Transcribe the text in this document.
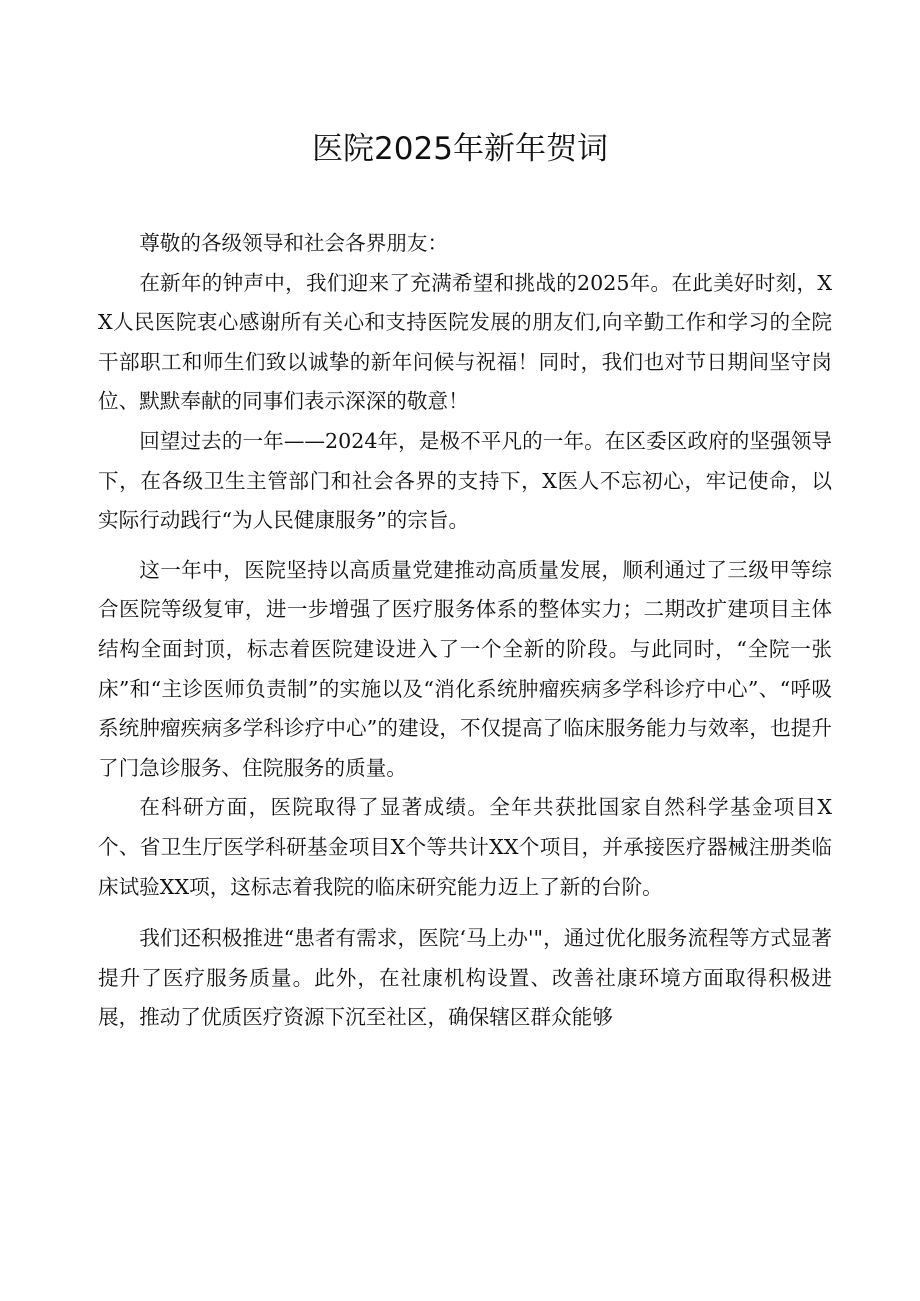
医院2025年新年贺词

尊敬的各级领导和社会各界朋友：

在新年的钟声中，我们迎来了充满希望和挑战的2025年。在此美好时刻，XX人民医院衷心感谢所有关心和支持医院发展的朋友们,向辛勤工作和学习的全院干部职工和师生们致以诚挚的新年问候与祝福！同时，我们也对节日期间坚守岗位、默默奉献的同事们表示深深的敬意！

回望过去的一年——2024年，是极不平凡的一年。在区委区政府的坚强领导下，在各级卫生主管部门和社会各界的支持下，X医人不忘初心，牢记使命，以实际行动践行“为人民健康服务”的宗旨。

这一年中，医院坚持以高质量党建推动高质量发展，顺利通过了三级甲等综合医院等级复审，进一步增强了医疗服务体系的整体实力；二期改扩建项目主体结构全面封顶，标志着医院建设进入了一个全新的阶段。与此同时，“全院一张床”和“主诊医师负责制”的实施以及“消化系统肿瘤疾病多学科诊疗中心”、“呼吸系统肿瘤疾病多学科诊疗中心”的建设，不仅提高了临床服务能力与效率，也提升了门急诊服务、住院服务的质量。

在科研方面，医院取得了显著成绩。全年共获批国家自然科学基金项目X个、省卫生厅医学科研基金项目X个等共计XX个项目，并承接医疗器械注册类临床试验XX项，这标志着我院的临床研究能力迈上了新的台阶。

我们还积极推进“患者有需求，医院‘马上办'"，通过优化服务流程等方式显著提升了医疗服务质量。此外，在社康机构设置、改善社康环境方面取得积极进展，推动了优质医疗资源下沉至社区，确保辖区群众能够
